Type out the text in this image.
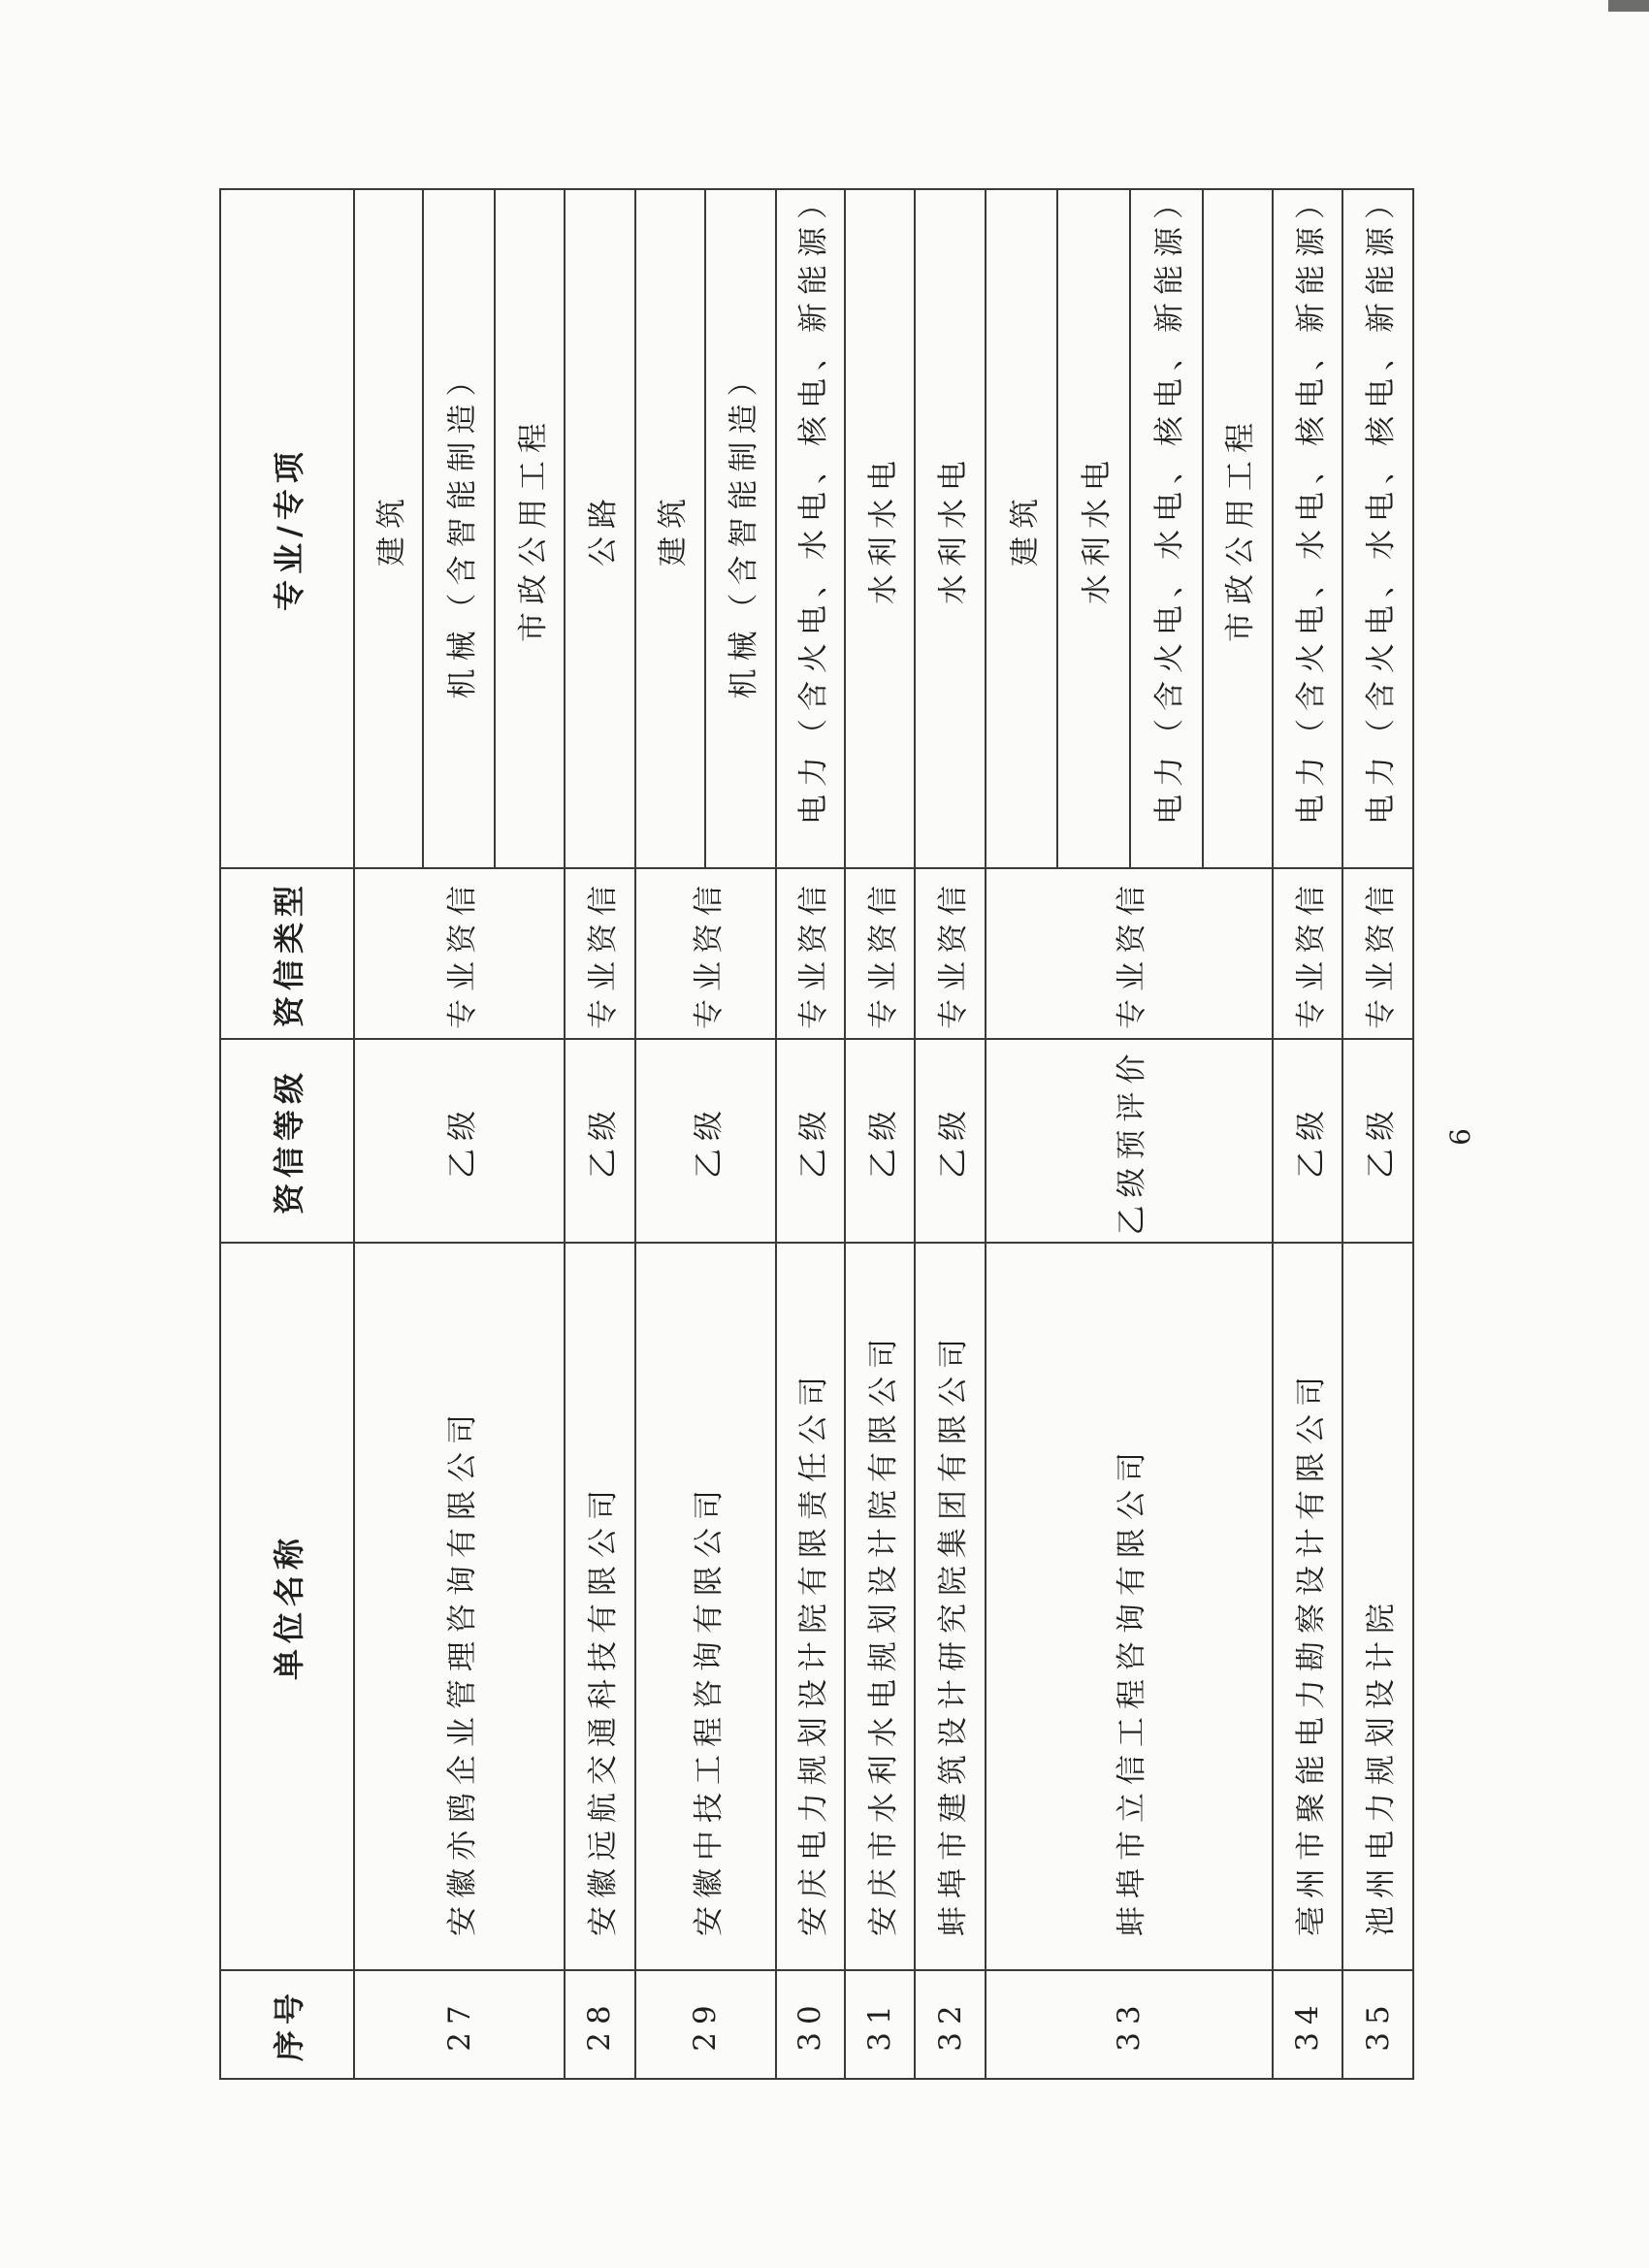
序号	单位名称	资信等级	资信类型	专业/专项
27	安徽亦鸥企业管理咨询有限公司	乙级	专业资信	建筑
				机械（含智能制造）
				市政公用工程
28	安徽远航交通科技有限公司	乙级	专业资信	公路
29	安徽中技工程咨询有限公司	乙级	专业资信	建筑
				机械（含智能制造）
30	安庆电力规划设计院有限责任公司	乙级	专业资信	电力（含火电、水电、核电、新能源）
31	安庆市水利水电规划设计院有限公司	乙级	专业资信	水利水电
32	蚌埠市建筑设计研究院集团有限公司	乙级	专业资信	水利水电
33	蚌埠市立信工程咨询有限公司	乙级预评价	专业资信	建筑
				水利水电
				电力（含火电、水电、核电、新能源）
				市政公用工程
34	亳州市聚能电力勘察设计有限公司	乙级	专业资信	电力（含火电、水电、核电、新能源）
35	池州电力规划设计院	乙级	专业资信	电力（含火电、水电、核电、新能源）
6
